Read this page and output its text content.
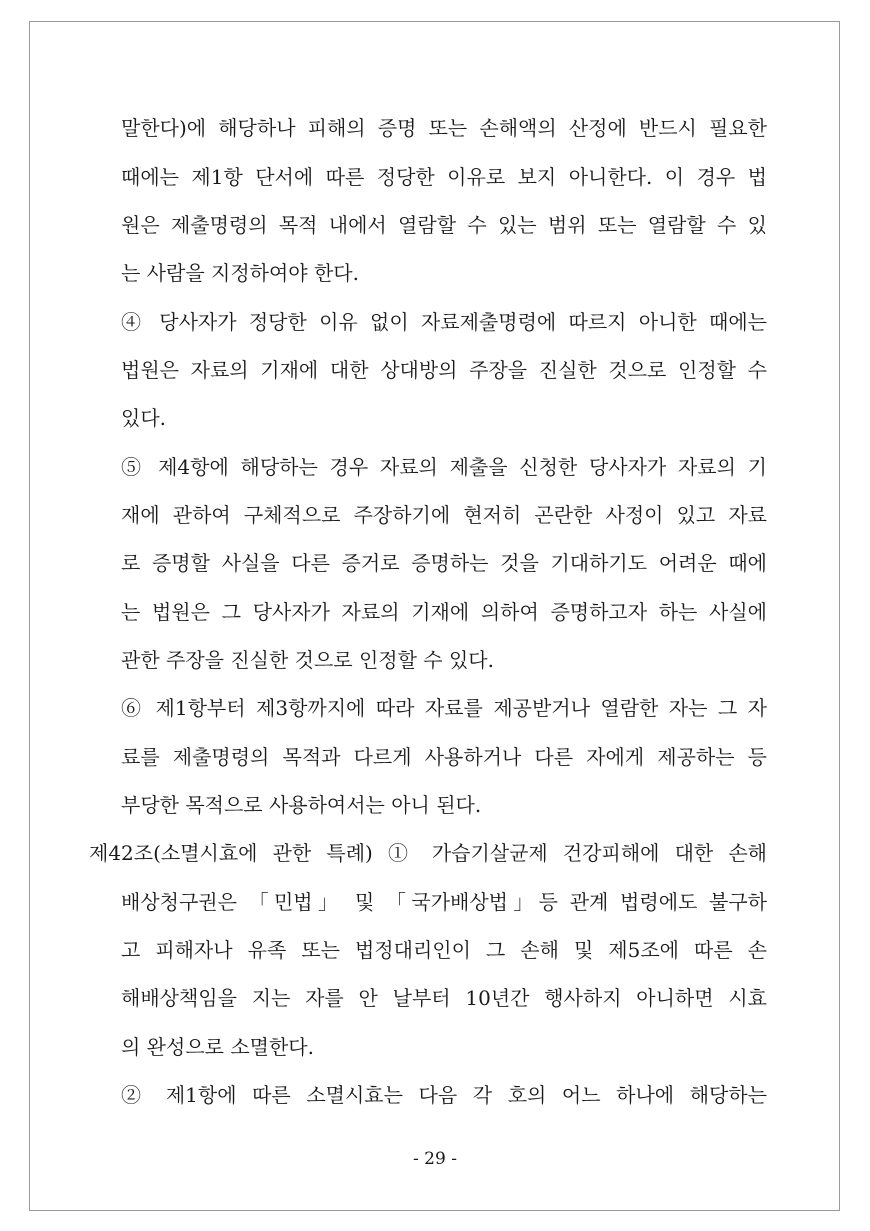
말한다)에 해당하나 피해의 증명 또는 손해액의 산정에 반드시 필요한
때에는 제1항 단서에 따른 정당한 이유로 보지 아니한다. 이 경우 법
원은 제출명령의 목적 내에서 열람할 수 있는 범위 또는 열람할 수 있
는 사람을 지정하여야 한다.
④ 당사자가 정당한 이유 없이 자료제출명령에 따르지 아니한 때에는
법원은 자료의 기재에 대한 상대방의 주장을 진실한 것으로 인정할 수
있다.
⑤ 제4항에 해당하는 경우 자료의 제출을 신청한 당사자가 자료의 기
재에 관하여 구체적으로 주장하기에 현저히 곤란한 사정이 있고 자료
로 증명할 사실을 다른 증거로 증명하는 것을 기대하기도 어려운 때에
는 법원은 그 당사자가 자료의 기재에 의하여 증명하고자 하는 사실에
관한 주장을 진실한 것으로 인정할 수 있다.
⑥ 제1항부터 제3항까지에 따라 자료를 제공받거나 열람한 자는 그 자
료를 제출명령의 목적과 다르게 사용하거나 다른 자에게 제공하는 등
부당한 목적으로 사용하여서는 아니 된다.
제42조(소멸시효에 관한 특례) ① 가습기살균제 건강피해에 대한 손해
배상청구권은 「민법」 및 「국가배상법」등 관계 법령에도 불구하
고 피해자나 유족 또는 법정대리인이 그 손해 및 제5조에 따른 손
해배상책임을 지는 자를 안 날부터 10년간 행사하지 아니하면 시효
의 완성으로 소멸한다.
② 제1항에 따른 소멸시효는 다음 각 호의 어느 하나에 해당하는
- 29 -
